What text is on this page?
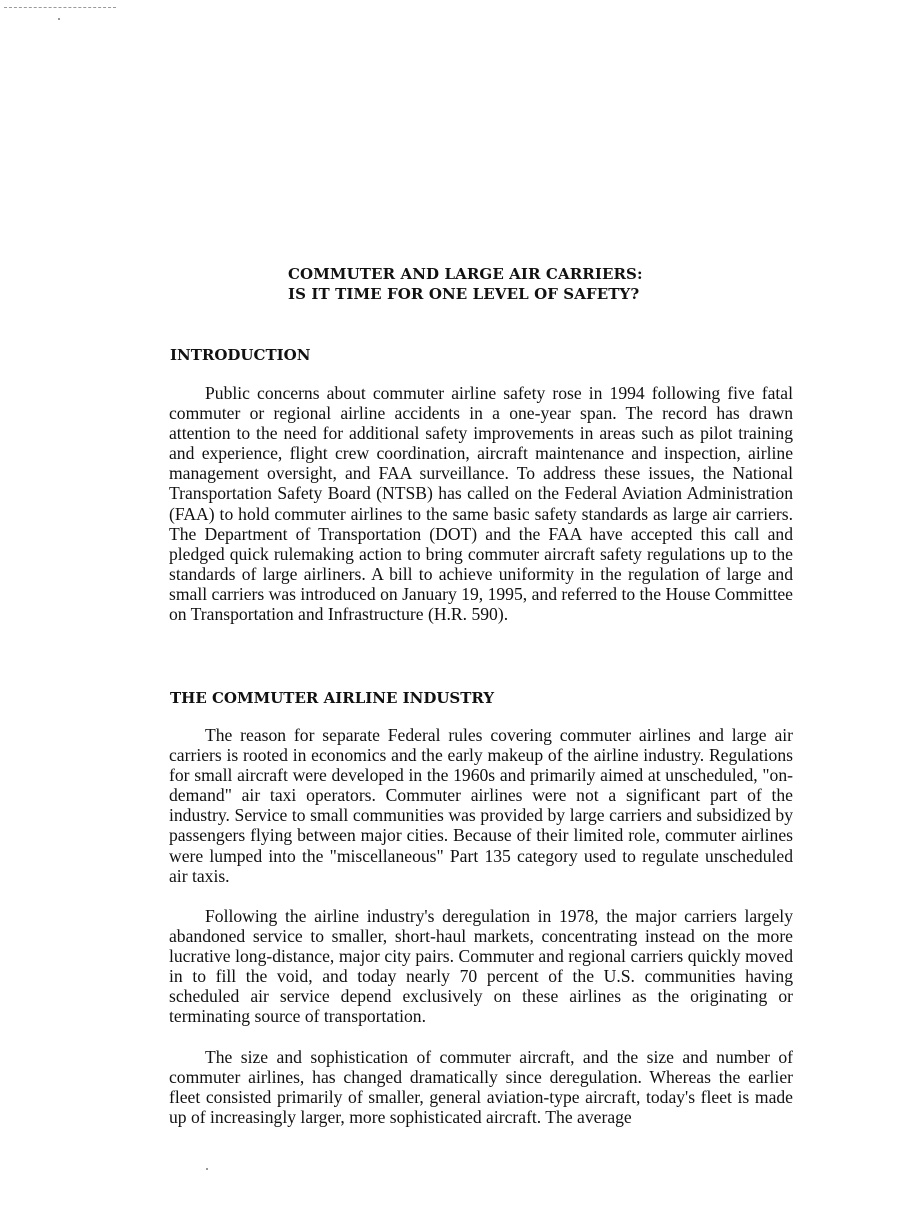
COMMUTER AND LARGE AIR CARRIERS:
IS IT TIME FOR ONE LEVEL OF SAFETY?
INTRODUCTION

Public concerns about commuter airline safety rose in 1994 following five fatal commuter or regional airline accidents in a one-year span. The record has drawn attention to the need for additional safety improvements in areas such as pilot training and experience, flight crew coordination, aircraft maintenance and inspection, airline management oversight, and FAA surveillance. To address these issues, the National Transportation Safety Board (NTSB) has called on the Federal Aviation Administration (FAA) to hold commuter airlines to the same basic safety standards as large air carriers. The Department of Transportation (DOT) and the FAA have accepted this call and pledged quick rulemaking action to bring commuter aircraft safety regulations up to the standards of large airliners. A bill to achieve uniformity in the regulation of large and small carriers was introduced on January 19, 1995, and referred to the House Committee on Transportation and Infrastructure (H.R. 590).

THE COMMUTER AIRLINE INDUSTRY

The reason for separate Federal rules covering commuter airlines and large air carriers is rooted in economics and the early makeup of the airline industry. Regulations for small aircraft were developed in the 1960s and primarily aimed at unscheduled, "on-demand" air taxi operators. Commuter airlines were not a significant part of the industry. Service to small communities was provided by large carriers and subsidized by passengers flying between major cities. Because of their limited role, commuter airlines were lumped into the "miscellaneous" Part 135 category used to regulate unscheduled air taxis.

Following the airline industry's deregulation in 1978, the major carriers largely abandoned service to smaller, short-haul markets, concentrating instead on the more lucrative long-distance, major city pairs. Commuter and regional carriers quickly moved in to fill the void, and today nearly 70 percent of the U.S. communities having scheduled air service depend exclusively on these airlines as the originating or terminating source of transportation.

The size and sophistication of commuter aircraft, and the size and number of commuter airlines, has changed dramatically since deregulation. Whereas the earlier fleet consisted primarily of smaller, general aviation-type aircraft, today's fleet is made up of increasingly larger, more sophisticated aircraft. The average
